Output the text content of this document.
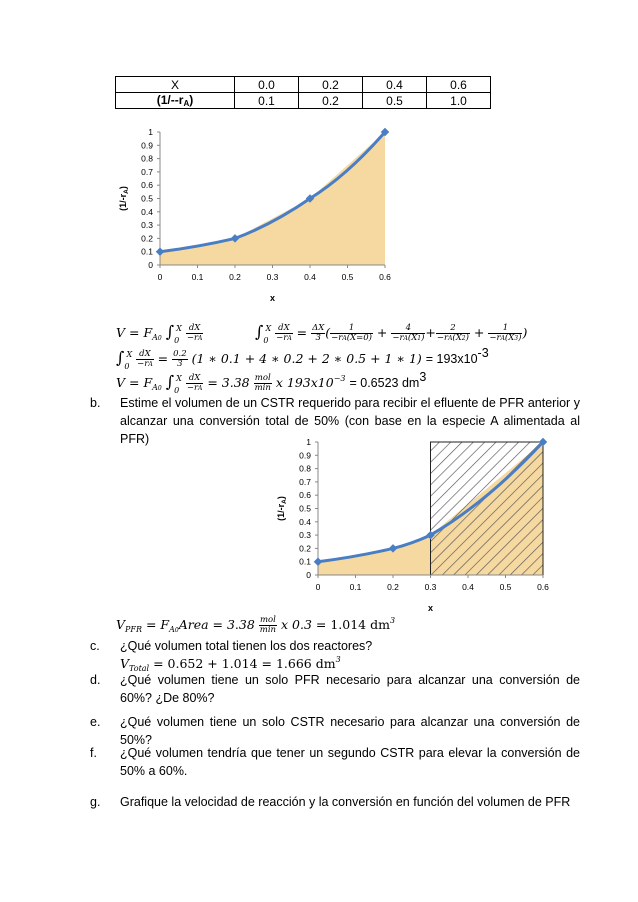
X	0.0	0.2	0.4	0.6
(1/--rA)	0.1	0.2	0.5	1.0
0
0.1
0.2
0.3
0.4
0.5
0.6
0.7
0.8
0.9
1
0	0.1	0.2	0.3	0.4	0.5	0.6
x
$(1/-r_A)$
$V = F_{A0}$ $\int_0^X \frac{dX}{-rA}$	$\int_0^X \frac{dX}{-rA} = \frac{\Delta X}{3}$ ( $\frac{1}{-rA(X=0)} + \frac{4}{-rA(X1)} + \frac{2}{-rA(X2)} + \frac{1}{-rA(X3)}$ )
$\int_0^X \frac{dX}{-rA} = \frac{0.2}{3} (1$ ∗ 0.1 + 4 ∗ 0.2 + 2 ∗ 0.5 + 1 ∗ 1) = 193x10-3
$V = F_{A0}$ $\int_0^X \frac{dX}{-rA} = 3.38 \frac{\text{mol}}{\min}$ x $193x10^{-3} = 0.6523$ dm3
b. Estime el volumen de un CSTR requerido para recibir el efluente de PFR anterior y alcanzar una conversión total de 50% (con base en la especie A alimentada al PFR)
0
0.1
0.2
0.3
0.4
0.5
0.6
0.7
0.8
0.9
1
0	0.1	0.2	0.3	0.4	0.5	0.6
x
$(1/-r_A)$
$V_{PFR}$ = $F_{A0}Area = 3.38 \frac{\text{mol}}{\min}$ x 0.3 = 1.014 $dm^3$
c. ¿Qué volumen total tienen los dos reactores?
$V_{Total} = 0.652 + 1.014 = 1.666$ $dm^3$
d. ¿Qué volumen tiene un solo PFR necesario para alcanzar una conversión de 60%? ¿De 80%?
e. ¿Qué volumen tiene un solo CSTR necesario para alcanzar una conversión de 50%?
f. ¿Qué volumen tendría que tener un segundo CSTR para elevar la conversión de 50% a 60%.
g. Grafique la velocidad de reacción y la conversión en función del volumen de PFR
